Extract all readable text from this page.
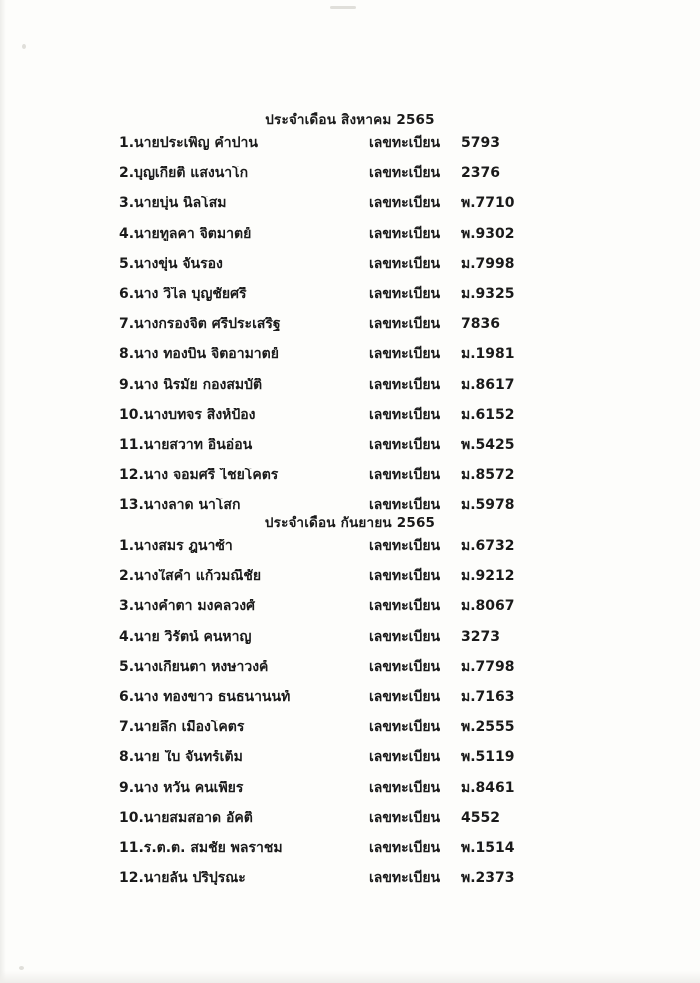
ประจำเดือน สิงหาคม 2565
1.นายประเพิ่ญ คำปาน	เลขทะเบียน	5793
2.บุญเกียติ แสงนาโก	เลขทะเบียน	2376
3.นายบุ่น นิลโสม	เลขทะเบียน	พ.7710
4.นายทูลคา จิตมาตย์	เลขทะเบียน	พ.9302
5.นางขุ่น จันรอง	เลขทะเบียน	ม.7998
6.นาง วิไล บุญชัยศรี	เลขทะเบียน	ม.9325
7.นางกรองจิต ศรีประเสริฐ	เลขทะเบียน	7836
8.นาง ทองบิน จิตอามาตย์	เลขทะเบียน	ม.1981
9.นาง นิรมัย กองสมบัติ	เลขทะเบียน	ม.8617
10.นางบทจร สิงห์ป้อง	เลขทะเบียน	ม.6152
11.นายสวาท อินอ่อน	เลขทะเบียน	พ.5425
12.นาง จอมศรี ไชยโคตร	เลขทะเบียน	ม.8572
13.นางลาด นาโสก	เลขทะเบียน	ม.5978
ประจำเดือน กันยายน 2565
1.นางสมร ฎูนาซ้า	เลขทะเบียน	ม.6732
2.นางใสคำ แก้วมณีชัย	เลขทะเบียน	ม.9212
3.นางคำตา มงคลวงศ์	เลขทะเบียน	ม.8067
4.นาย วิรัตน์ คนหาญ	เลขทะเบียน	3273
5.นางเกียนตา หงษาวงค์	เลขทะเบียน	ม.7798
6.นาง ทองขาว ธนธนานนท์	เลขทะเบียน	ม.7163
7.นายลึก เมืองโคตร	เลขทะเบียน	พ.2555
8.นาย ใบ จันทร์เต็ม	เลขทะเบียน	พ.5119
9.นาง หวัน คนเพียร	เลขทะเบียน	ม.8461
10.นายสมสอาด อัคติ	เลขทะเบียน	4552
11.ร.ต.ต. สมชัย พลราชม	เลขทะเบียน	พ.1514
12.นายลั่น ปริปุรณะ	เลขทะเบียน	พ.2373
